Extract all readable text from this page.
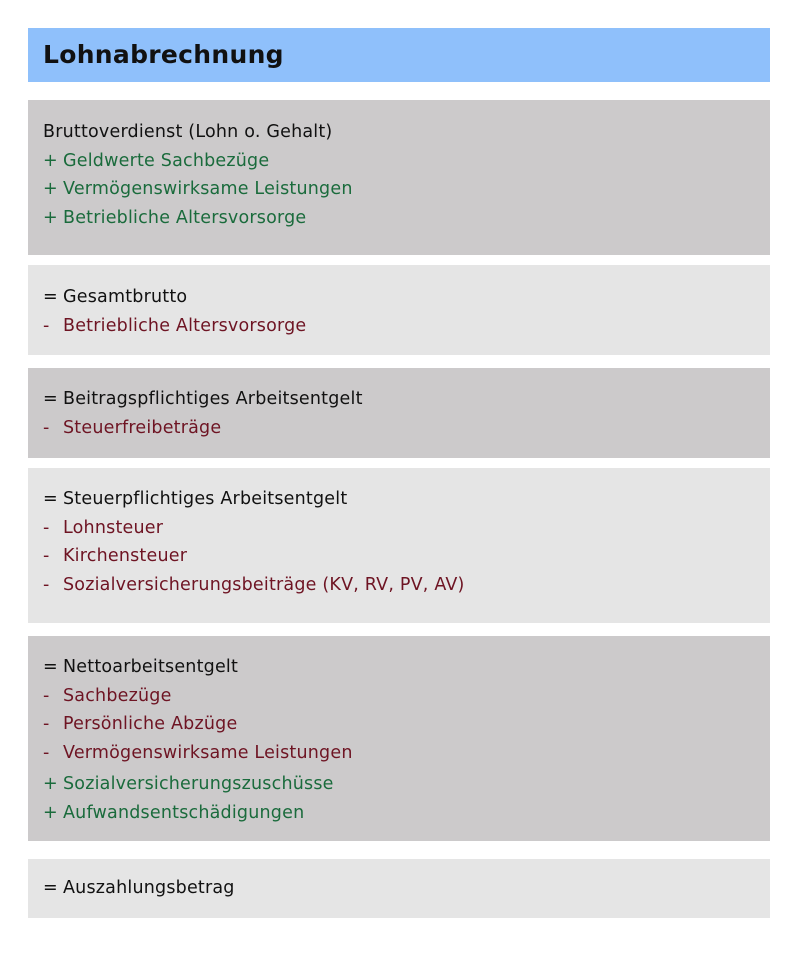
Lohnabrechnung
Bruttoverdienst (Lohn o. Gehalt)
+ Geldwerte Sachbezüge
+ Vermögenswirksame Leistungen
+ Betriebliche Altersvorsorge
= Gesamtbrutto
- Betriebliche Altersvorsorge
= Beitragspflichtiges Arbeitsentgelt
- Steuerfreibeträge
= Steuerpflichtiges Arbeitsentgelt
- Lohnsteuer
- Kirchensteuer
- Sozialversicherungsbeiträge (KV, RV, PV, AV)
= Nettoarbeitsentgelt
- Sachbezüge
- Persönliche Abzüge
- Vermögenswirksame Leistungen
+ Sozialversicherungszuschüsse
+ Aufwandsentschädigungen
= Auszahlungsbetrag
